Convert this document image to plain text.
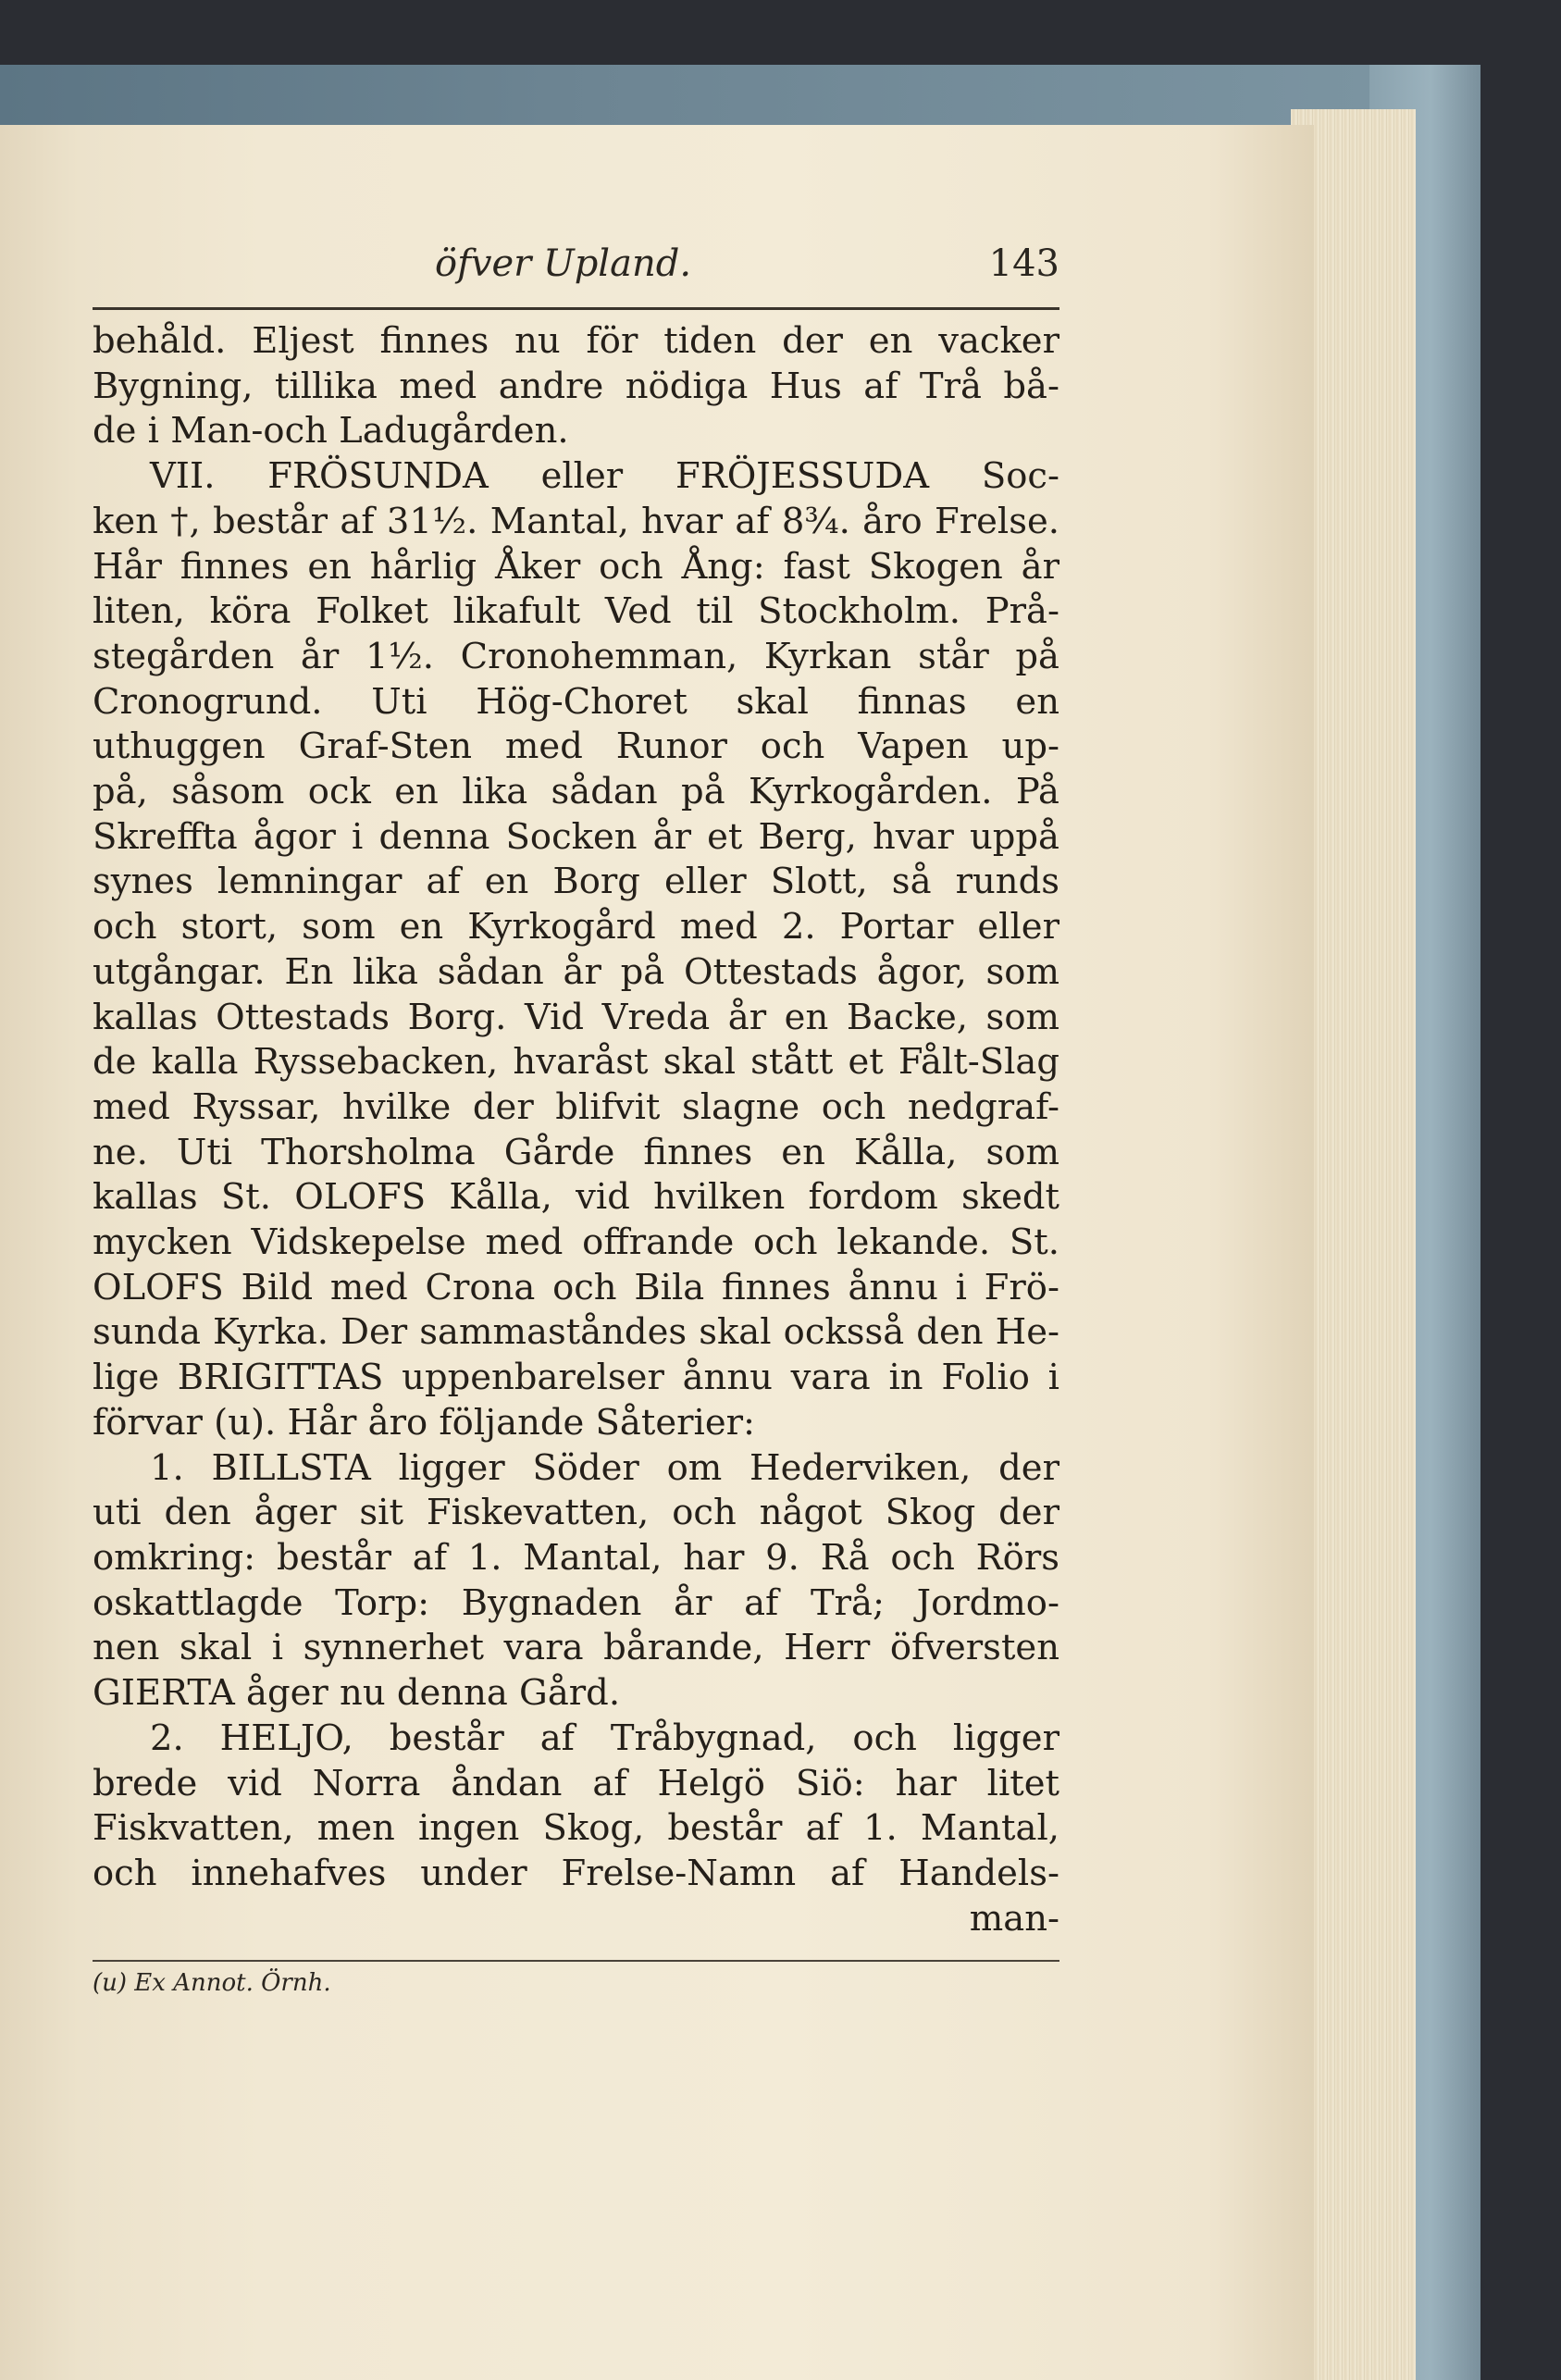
öfver Upland.	143
behåld. Eljest finnes nu för tiden der en vacker
Bygning, tillika med andre nödiga Hus af Trå bå-
de i Man-och Ladugården.
VII. FRÖSUNDA eller FRÖJESSUDA Soc-
ken †, består af 31½. Mantal, hvar af 8¾. åro Frelse.
Hår finnes en hårlig Åker och Ång: fast Skogen år
liten, köra Folket likafult Ved til Stockholm. Prå-
stegården år 1½. Cronohemman, Kyrkan står på
Cronogrund. Uti Hög-Choret skal finnas en
uthuggen Graf-Sten med Runor och Vapen up-
på, såsom ock en lika sådan på Kyrkogården. På
Skreffta ågor i denna Socken år et Berg, hvar uppå
synes lemningar af en Borg eller Slott, så runds
och stort, som en Kyrkogård med 2. Portar eller
utgångar. En lika sådan år på Ottestads ågor, som
kallas Ottestads Borg. Vid Vreda år en Backe, som
de kalla Ryssebacken, hvaråst skal stått et Fålt-Slag
med Ryssar, hvilke der blifvit slagne och nedgraf-
ne. Uti Thorsholma Gårde finnes en Kålla, som
kallas St. OLOFS Kålla, vid hvilken fordom skedt
mycken Vidskepelse med offrande och lekande. St.
OLOFS Bild med Crona och Bila finnes ånnu i Frö-
sunda Kyrka. Der sammaståndes skal ocksså den He-
lige BRIGITTAS uppenbarelser ånnu vara in Folio i
förvar (u). Hår åro följande Såterier:
1. BILLSTA ligger Söder om Hederviken, der
uti den åger sit Fiskevatten, och något Skog der
omkring: består af 1. Mantal, har 9. Rå och Rörs
oskattlagde Torp: Bygnaden år af Trå; Jordmo-
nen skal i synnerhet vara bårande, Herr öfversten
GIERTA åger nu denna Gård.
2. HELJO, består af Tråbygnad, och ligger
brede vid Norra åndan af Helgö Siö: har litet
Fiskvatten, men ingen Skog, består af 1. Mantal,
och innehafves under Frelse-Namn af Handels-
man-
(u) Ex Annot. Örnh.
